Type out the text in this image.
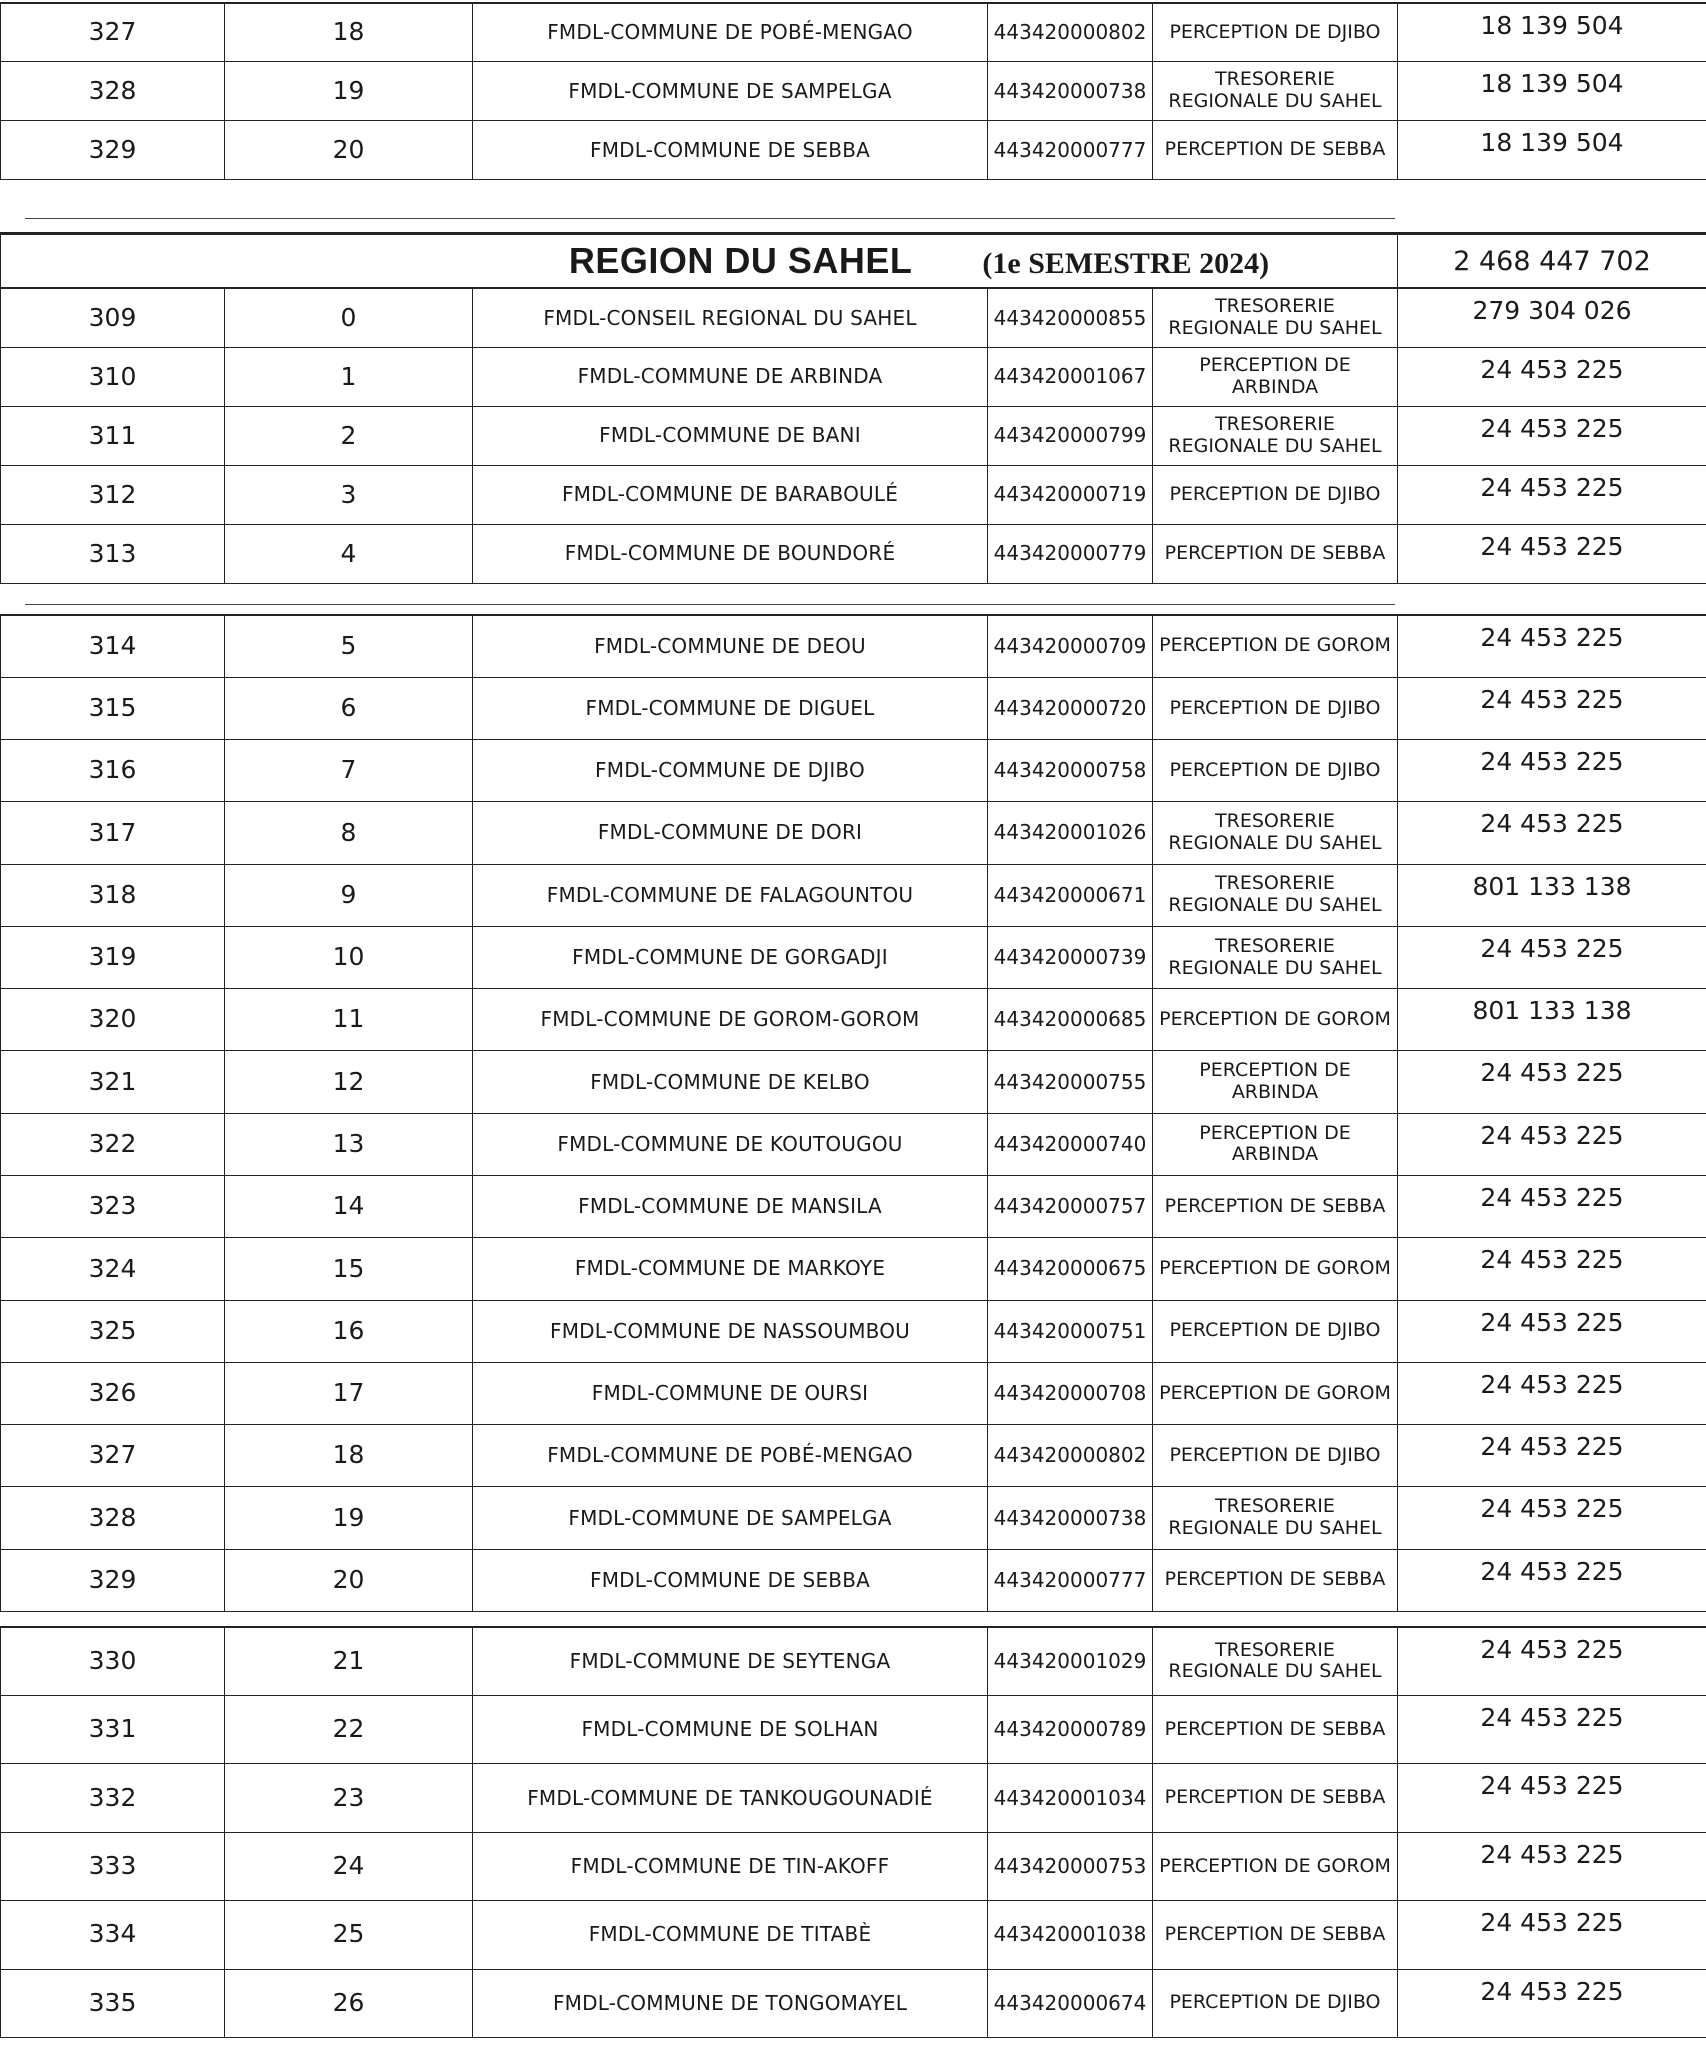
327	18	FMDL-COMMUNE DE POBÉ-MENGAO	443420000802	PERCEPTION DE DJIBO	18 139 504
328	19	FMDL-COMMUNE DE SAMPELGA	443420000738	TRESORERIE REGIONALE DU SAHEL	18 139 504
329	20	FMDL-COMMUNE DE SEBBA	443420000777	PERCEPTION DE SEBBA	18 139 504
REGION DU SAHEL (1e SEMESTRE 2024)					2 468 447 702
309	0	FMDL-CONSEIL REGIONAL DU SAHEL	443420000855	TRESORERIE REGIONALE DU SAHEL	279 304 026
310	1	FMDL-COMMUNE DE ARBINDA	443420001067	PERCEPTION DE ARBINDA	24 453 225
311	2	FMDL-COMMUNE DE BANI	443420000799	TRESORERIE REGIONALE DU SAHEL	24 453 225
312	3	FMDL-COMMUNE DE BARABOULÉ	443420000719	PERCEPTION DE DJIBO	24 453 225
313	4	FMDL-COMMUNE DE BOUNDORÉ	443420000779	PERCEPTION DE SEBBA	24 453 225
314	5	FMDL-COMMUNE DE DEOU	443420000709	PERCEPTION DE GOROM	24 453 225
315	6	FMDL-COMMUNE DE DIGUEL	443420000720	PERCEPTION DE DJIBO	24 453 225
316	7	FMDL-COMMUNE DE DJIBO	443420000758	PERCEPTION DE DJIBO	24 453 225
317	8	FMDL-COMMUNE DE DORI	443420001026	TRESORERIE REGIONALE DU SAHEL	24 453 225
318	9	FMDL-COMMUNE DE FALAGOUNTOU	443420000671	TRESORERIE REGIONALE DU SAHEL	801 133 138
319	10	FMDL-COMMUNE DE GORGADJI	443420000739	TRESORERIE REGIONALE DU SAHEL	24 453 225
320	11	FMDL-COMMUNE DE GOROM-GOROM	443420000685	PERCEPTION DE GOROM	801 133 138
321	12	FMDL-COMMUNE DE KELBO	443420000755	PERCEPTION DE ARBINDA	24 453 225
322	13	FMDL-COMMUNE DE KOUTOUGOU	443420000740	PERCEPTION DE ARBINDA	24 453 225
323	14	FMDL-COMMUNE DE MANSILA	443420000757	PERCEPTION DE SEBBA	24 453 225
324	15	FMDL-COMMUNE DE MARKOYE	443420000675	PERCEPTION DE GOROM	24 453 225
325	16	FMDL-COMMUNE DE NASSOUMBOU	443420000751	PERCEPTION DE DJIBO	24 453 225
326	17	FMDL-COMMUNE DE OURSI	443420000708	PERCEPTION DE GOROM	24 453 225
327	18	FMDL-COMMUNE DE POBÉ-MENGAO	443420000802	PERCEPTION DE DJIBO	24 453 225
328	19	FMDL-COMMUNE DE SAMPELGA	443420000738	TRESORERIE REGIONALE DU SAHEL	24 453 225
329	20	FMDL-COMMUNE DE SEBBA	443420000777	PERCEPTION DE SEBBA	24 453 225
330	21	FMDL-COMMUNE DE SEYTENGA	443420001029	TRESORERIE REGIONALE DU SAHEL	24 453 225
331	22	FMDL-COMMUNE DE SOLHAN	443420000789	PERCEPTION DE SEBBA	24 453 225
332	23	FMDL-COMMUNE DE TANKOUGOUNADIÉ	443420001034	PERCEPTION DE SEBBA	24 453 225
333	24	FMDL-COMMUNE DE TIN-AKOFF	443420000753	PERCEPTION DE GOROM	24 453 225
334	25	FMDL-COMMUNE DE TITABÈ	443420001038	PERCEPTION DE SEBBA	24 453 225
335	26	FMDL-COMMUNE DE TONGOMAYEL	443420000674	PERCEPTION DE DJIBO	24 453 225
